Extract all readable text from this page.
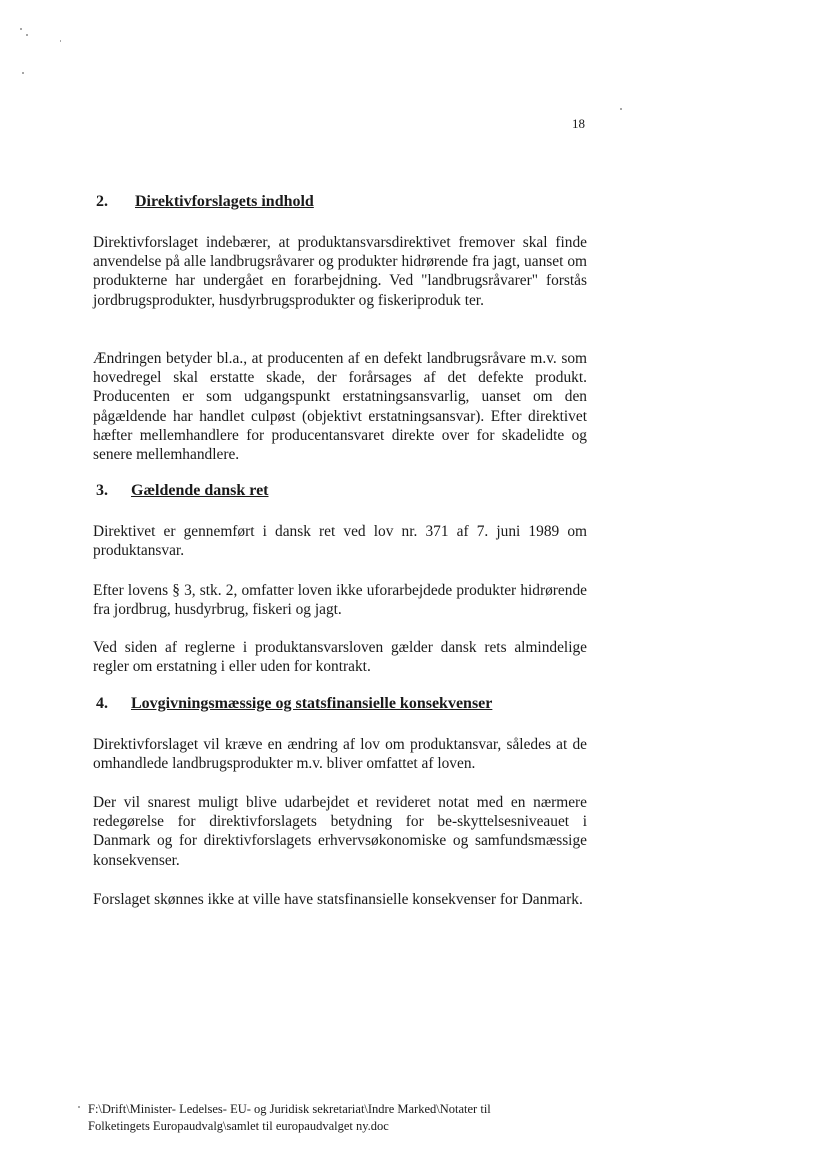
18
2. Direktivforslagets indhold
Direktivforslaget indebærer, at produktansvarsdirektivet fremover skal finde anvendelse på alle landbrugsråvarer og produkter hidrørende fra jagt, uanset om produkterne har undergået en forarbejdning. Ved "landbrugsråvarer" forstås jordbrugsprodukter, husdyrbrugsprodukter og fiskeriproduk ter.
Ændringen betyder bl.a., at producenten af en defekt landbrugsråvare m.v. som hovedregel skal erstatte skade, der forårsages af det defekte produkt. Producenten er som udgangspunkt erstatningsansvarlig, uanset om den pågældende har handlet culpøst (objektivt erstatningsansvar). Efter direktivet hæfter mellemhandlere for producentansvaret direkte over for skadelidte og senere mellemhandlere.
3. Gældende dansk ret
Direktivet er gennemført i dansk ret ved lov nr. 371 af 7. juni 1989 om produktansvar.
Efter lovens § 3, stk. 2, omfatter loven ikke uforarbejdede produkter hidrørende fra jordbrug, husdyrbrug, fiskeri og jagt.
Ved siden af reglerne i produktansvarsloven gælder dansk rets almindelige regler om erstatning i eller uden for kontrakt.
4. Lovgivningsmæssige og statsfinansielle konsekvenser
Direktivforslaget vil kræve en ændring af lov om produktansvar, således at de omhandlede landbrugsprodukter m.v. bliver omfattet af loven.
Der vil snarest muligt blive udarbejdet et revideret notat med en nærmere redegørelse for direktivforslagets betydning for be-skyttelsesniveauet i Danmark og for direktivforslagets erhvervsøkonomiske og samfundsmæssige konsekvenser.
Forslaget skønnes ikke at ville have statsfinansielle konsekvenser for Danmark.
F:\Drift\Minister- Ledelses- EU- og Juridisk sekretariat\Indre Marked\Notater til
Folketingets Europaudvalg\samlet til europaudvalget ny.doc
